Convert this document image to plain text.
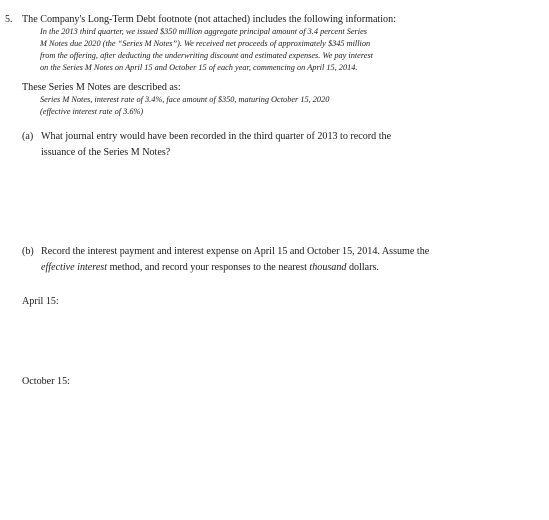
5. The Company's Long-Term Debt footnote (not attached) includes the following information:
In the 2013 third quarter, we issued $350 million aggregate principal amount of 3.4 percent Series
M Notes due 2020 (the “Series M Notes”). We received net proceeds of approximately $345 million
from the offering, after deducting the underwriting discount and estimated expenses. We pay interest
on the Series M Notes on April 15 and October 15 of each year, commencing on April 15, 2014.
These Series M Notes are described as:
Series M Notes, interest rate of 3.4%, face amount of $350, maturing October 15, 2020
(effective interest rate of 3.6%)
(a) What journal entry would have been recorded in the third quarter of 2013 to record the
issuance of the Series M Notes?
(b) Record the interest payment and interest expense on April 15 and October 15, 2014. Assume the
effective interest method, and record your responses to the nearest thousand dollars.
April 15:
October 15:
